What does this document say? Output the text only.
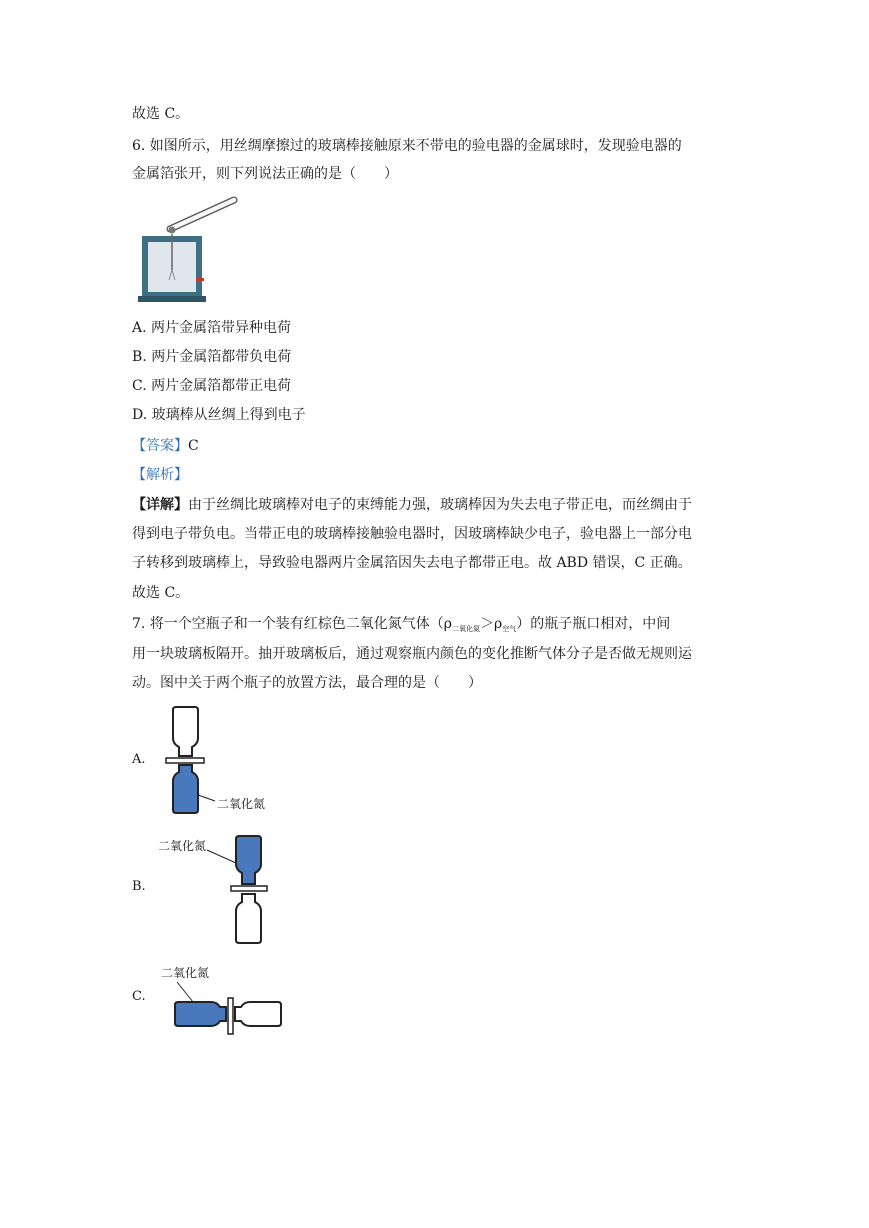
故选 C。
6. 如图所示，用丝绸摩擦过的玻璃棒接触原来不带电的验电器的金属球时，发现验电器的
金属箔张开，则下列说法正确的是（　　）
A. 两片金属箔带异种电荷
B. 两片金属箔都带负电荷
C. 两片金属箔都带正电荷
D. 玻璃棒从丝绸上得到电子
【答案】C
【解析】
【详解】由于丝绸比玻璃棒对电子的束缚能力强，玻璃棒因为失去电子带正电，而丝绸由于
得到电子带负电。当带正电的玻璃棒接触验电器时，因玻璃棒缺少电子，验电器上一部分电
子转移到玻璃棒上，导致验电器两片金属箔因失去电子都带正电。故 ABD 错误，C 正确。
故选 C。
7. 将一个空瓶子和一个装有红棕色二氧化氮气体$(\rho_{二氧化氮}>\rho_{空气})$的瓶子瓶口相对，中间
用一块玻璃板隔开。抽开玻璃板后，通过观察瓶内颜色的变化推断气体分子是否做无规则运
动。图中关于两个瓶子的放置方法，最合理的是（　　）
A.
二氧化氮
B.
二氧化氮
C.
二氧化氮
